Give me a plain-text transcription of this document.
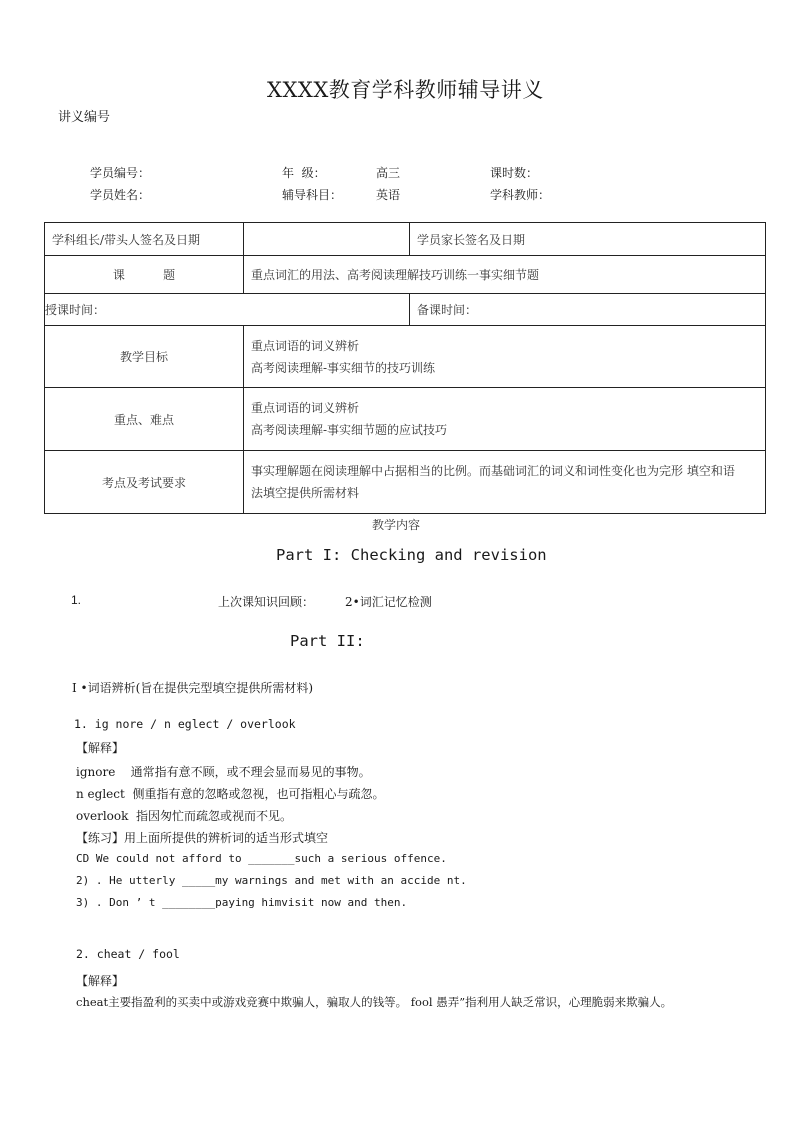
XXXX教育学科教师辅导讲义
讲义编号
学员编号：	年  级：	高三	课时数：
学员姓名：	辅导科目：	英语	学科教师：
学科组长/带头人签名及日期		学员家长签名及日期
课          题	重点词汇的用法、高考阅读理解技巧训练一事实细节题	
授课时间：		备课时间：
教学目标	重点词语的词义辨析
高考阅读理解-事实细节的技巧训练	

重点、难点	重点词语的词义辨析
高考阅读理解-事实细节题的应试技巧	

考点及考试要求	事实理解题在阅读理解中占据相当的比例。而基础词汇的词义和词性变化也为完形 填空和语
法填空提供所需材料	
教学内容
Part I: Checking and revision
1.	上次课知识回顾：	2•词汇记忆检测
Part II:
I •词语辨析(旨在提供完型填空提供所需材料)
1. ig nore / n eglect / overlook
【解释】
ignore    通常指有意不顾，或不理会显而易见的事物。
n eglect  侧重指有意的忽略或忽视，也可指粗心与疏忽。
overlook  指因匆忙而疏忽或视而不见。
【练习】用上面所提供的辨析词的适当形式填空
CD We could not afford to _______such a serious offence.
2) . He utterly _____my warnings and met with an accide nt.
3) . Don ’ t ________paying himvisit now and then.
2. cheat / fool
【解释】
cheat主要指盈利的买卖中或游戏竞赛中欺骗人，骗取人的钱等。 fool 愚弄”指利用人缺乏常识，心理脆弱来欺骗人。
